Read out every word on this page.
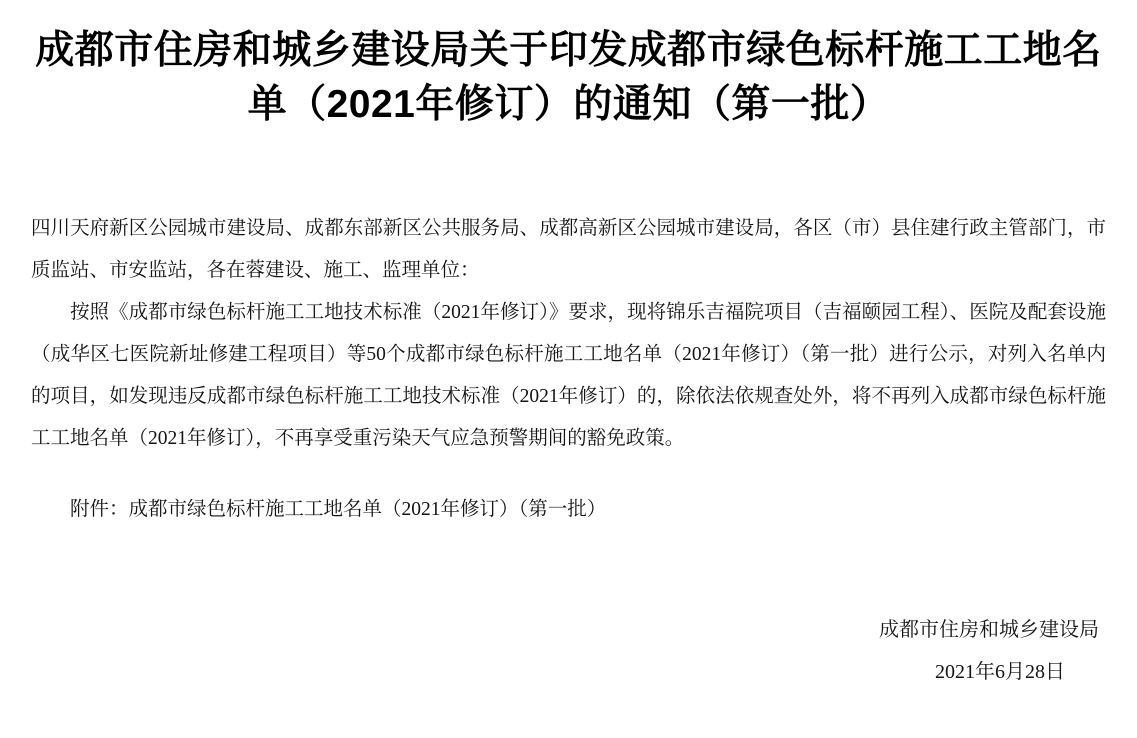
成都市住房和城乡建设局关于印发成都市绿色标杆施工工地名
单（2021年修订）的通知（第一批）

四川天府新区公园城市建设局、成都东部新区公共服务局、成都高新区公园城市建设局，各区（市）县住建行政主管部门，市质监站、市安监站，各在蓉建设、施工、监理单位：

按照《成都市绿色标杆施工工地技术标准（2021年修订）》要求，现将锦乐吉福院项目（吉福颐园工程）、医院及配套设施（成华区七医院新址修建工程项目）等50个成都市绿色标杆施工工地名单（2021年修订）（第一批）进行公示，对列入名单内的项目，如发现违反成都市绿色标杆施工工地技术标准（2021年修订）的，除依法依规查处外，将不再列入成都市绿色标杆施工工地名单（2021年修订），不再享受重污染天气应急预警期间的豁免政策。

附件：成都市绿色标杆施工工地名单（2021年修订）（第一批）

成都市住房和城乡建设局
2021年6月28日
